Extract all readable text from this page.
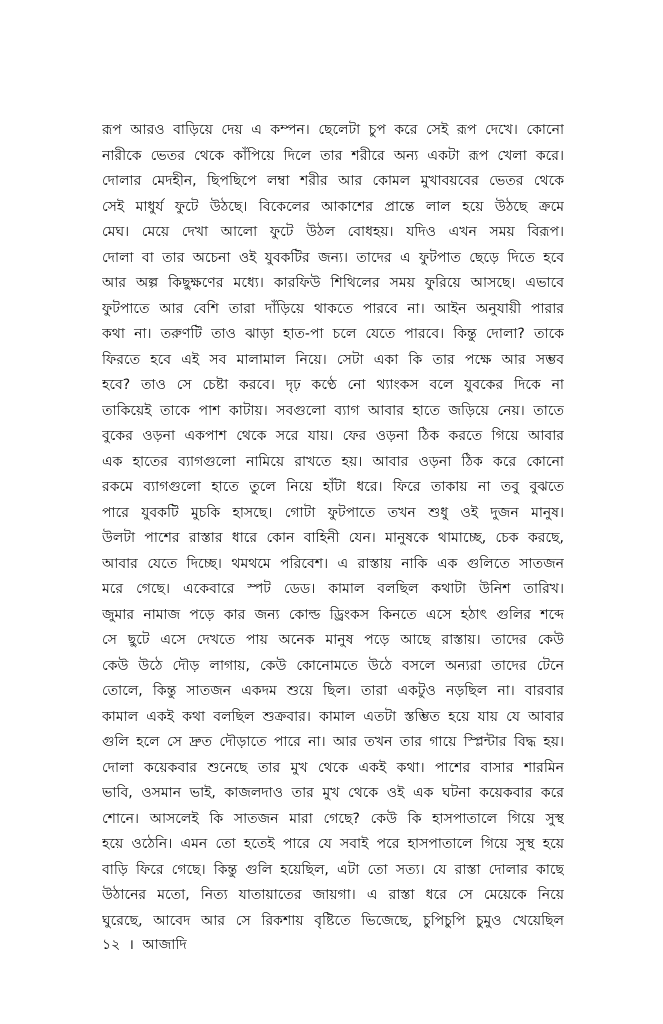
রূপ আরও বাড়িয়ে দেয় এ কম্পন। ছেলেটা চুপ করে সেই রূপ দেখে। কোনো
নারীকে ভেতর থেকে কাঁপিয়ে দিলে তার শরীরে অন্য একটা রূপ খেলা করে।
দোলার মেদহীন, ছিপছিপে লম্বা শরীর আর কোমল মুখাবয়বের ভেতর থেকে
সেই মাধুর্য ফুটে উঠছে। বিকেলের আকাশের প্রান্তে লাল হয়ে উঠছে ক্রমে
মেঘ। মেয়ে দেখা আলো ফুটে উঠল বোধহয়। যদিও এখন সময় বিরূপ।
দোলা বা তার অচেনা ওই যুবকটির জন্য। তাদের এ ফুটপাত ছেড়ে দিতে হবে
আর অল্প কিছুক্ষণের মধ্যে। কারফিউ শিথিলের সময় ফুরিয়ে আসছে। এভাবে
ফুটপাতে আর বেশি তারা দাঁড়িয়ে থাকতে পারবে না। আইন অনুযায়ী পারার
কথা না। তরুণটি তাও ঝাড়া হাত-পা চলে যেতে পারবে। কিন্তু দোলা? তাকে
ফিরতে হবে এই সব মালামাল নিয়ে। সেটা একা কি তার পক্ষে আর সম্ভব
হবে? তাও সে চেষ্টা করবে। দৃঢ় কণ্ঠে নো থ্যাংকস বলে যুবকের দিকে না
তাকিয়েই তাকে পাশ কাটায়। সবগুলো ব্যাগ আবার হাতে জড়িয়ে নেয়। তাতে
বুকের ওড়না একপাশ থেকে সরে যায়। ফের ওড়না ঠিক করতে গিয়ে আবার
এক হাতের ব্যাগগুলো নামিয়ে রাখতে হয়। আবার ওড়না ঠিক করে কোনো
রকমে ব্যাগগুলো হাতে তুলে নিয়ে হাঁটা ধরে। ফিরে তাকায় না তবু বুঝতে
পারে যুবকটি মুচকি হাসছে। গোটা ফুটপাতে তখন শুধু ওই দুজন মানুষ।
উলটা পাশের রাস্তার ধারে কোন বাহিনী যেন। মানুষকে থামাচ্ছে, চেক করছে,
আবার যেতে দিচ্ছে। থমথমে পরিবেশ। এ রাস্তায় নাকি এক গুলিতে সাতজন
মরে গেছে। একেবারে স্পট ডেড। কামাল বলছিল কথাটা উনিশ তারিখ।
জুমার নামাজ পড়ে কার জন্য কোল্ড ড্রিংকস কিনতে এসে হঠাৎ গুলির শব্দে
সে ছুটে এসে দেখতে পায় অনেক মানুষ পড়ে আছে রাস্তায়। তাদের কেউ
কেউ উঠে দৌড় লাগায়, কেউ কোনোমতে উঠে বসলে অন্যরা তাদের টেনে
তোলে, কিন্তু সাতজন একদম শুয়ে ছিল। তারা একটুও নড়ছিল না। বারবার
কামাল একই কথা বলছিল শুক্রবার। কামাল এতটা স্তম্ভিত হয়ে যায় যে আবার
গুলি হলে সে দ্রুত দৌড়াতে পারে না। আর তখন তার গায়ে স্প্লিন্টার বিদ্ধ হয়।
দোলা কয়েকবার শুনেছে তার মুখ থেকে একই কথা। পাশের বাসার শারমিন
ভাবি, ওসমান ভাই, কাজলদাও তার মুখ থেকে ওই এক ঘটনা কয়েকবার করে
শোনে। আসলেই কি সাতজন মারা গেছে? কেউ কি হাসপাতালে গিয়ে সুস্থ
হয়ে ওঠেনি। এমন তো হতেই পারে যে সবাই পরে হাসপাতালে গিয়ে সুস্থ হয়ে
বাড়ি ফিরে গেছে। কিন্তু গুলি হয়েছিল, এটা তো সত্য। যে রাস্তা দোলার কাছে
উঠানের মতো, নিত্য যাতায়াতের জায়গা। এ রাস্তা ধরে সে মেয়েকে নিয়ে
ঘুরেছে, আবেদ আর সে রিকশায় বৃষ্টিতে ভিজেছে, চুপিচুপি চুমুও খেয়েছিল
১২ । আজাদি
